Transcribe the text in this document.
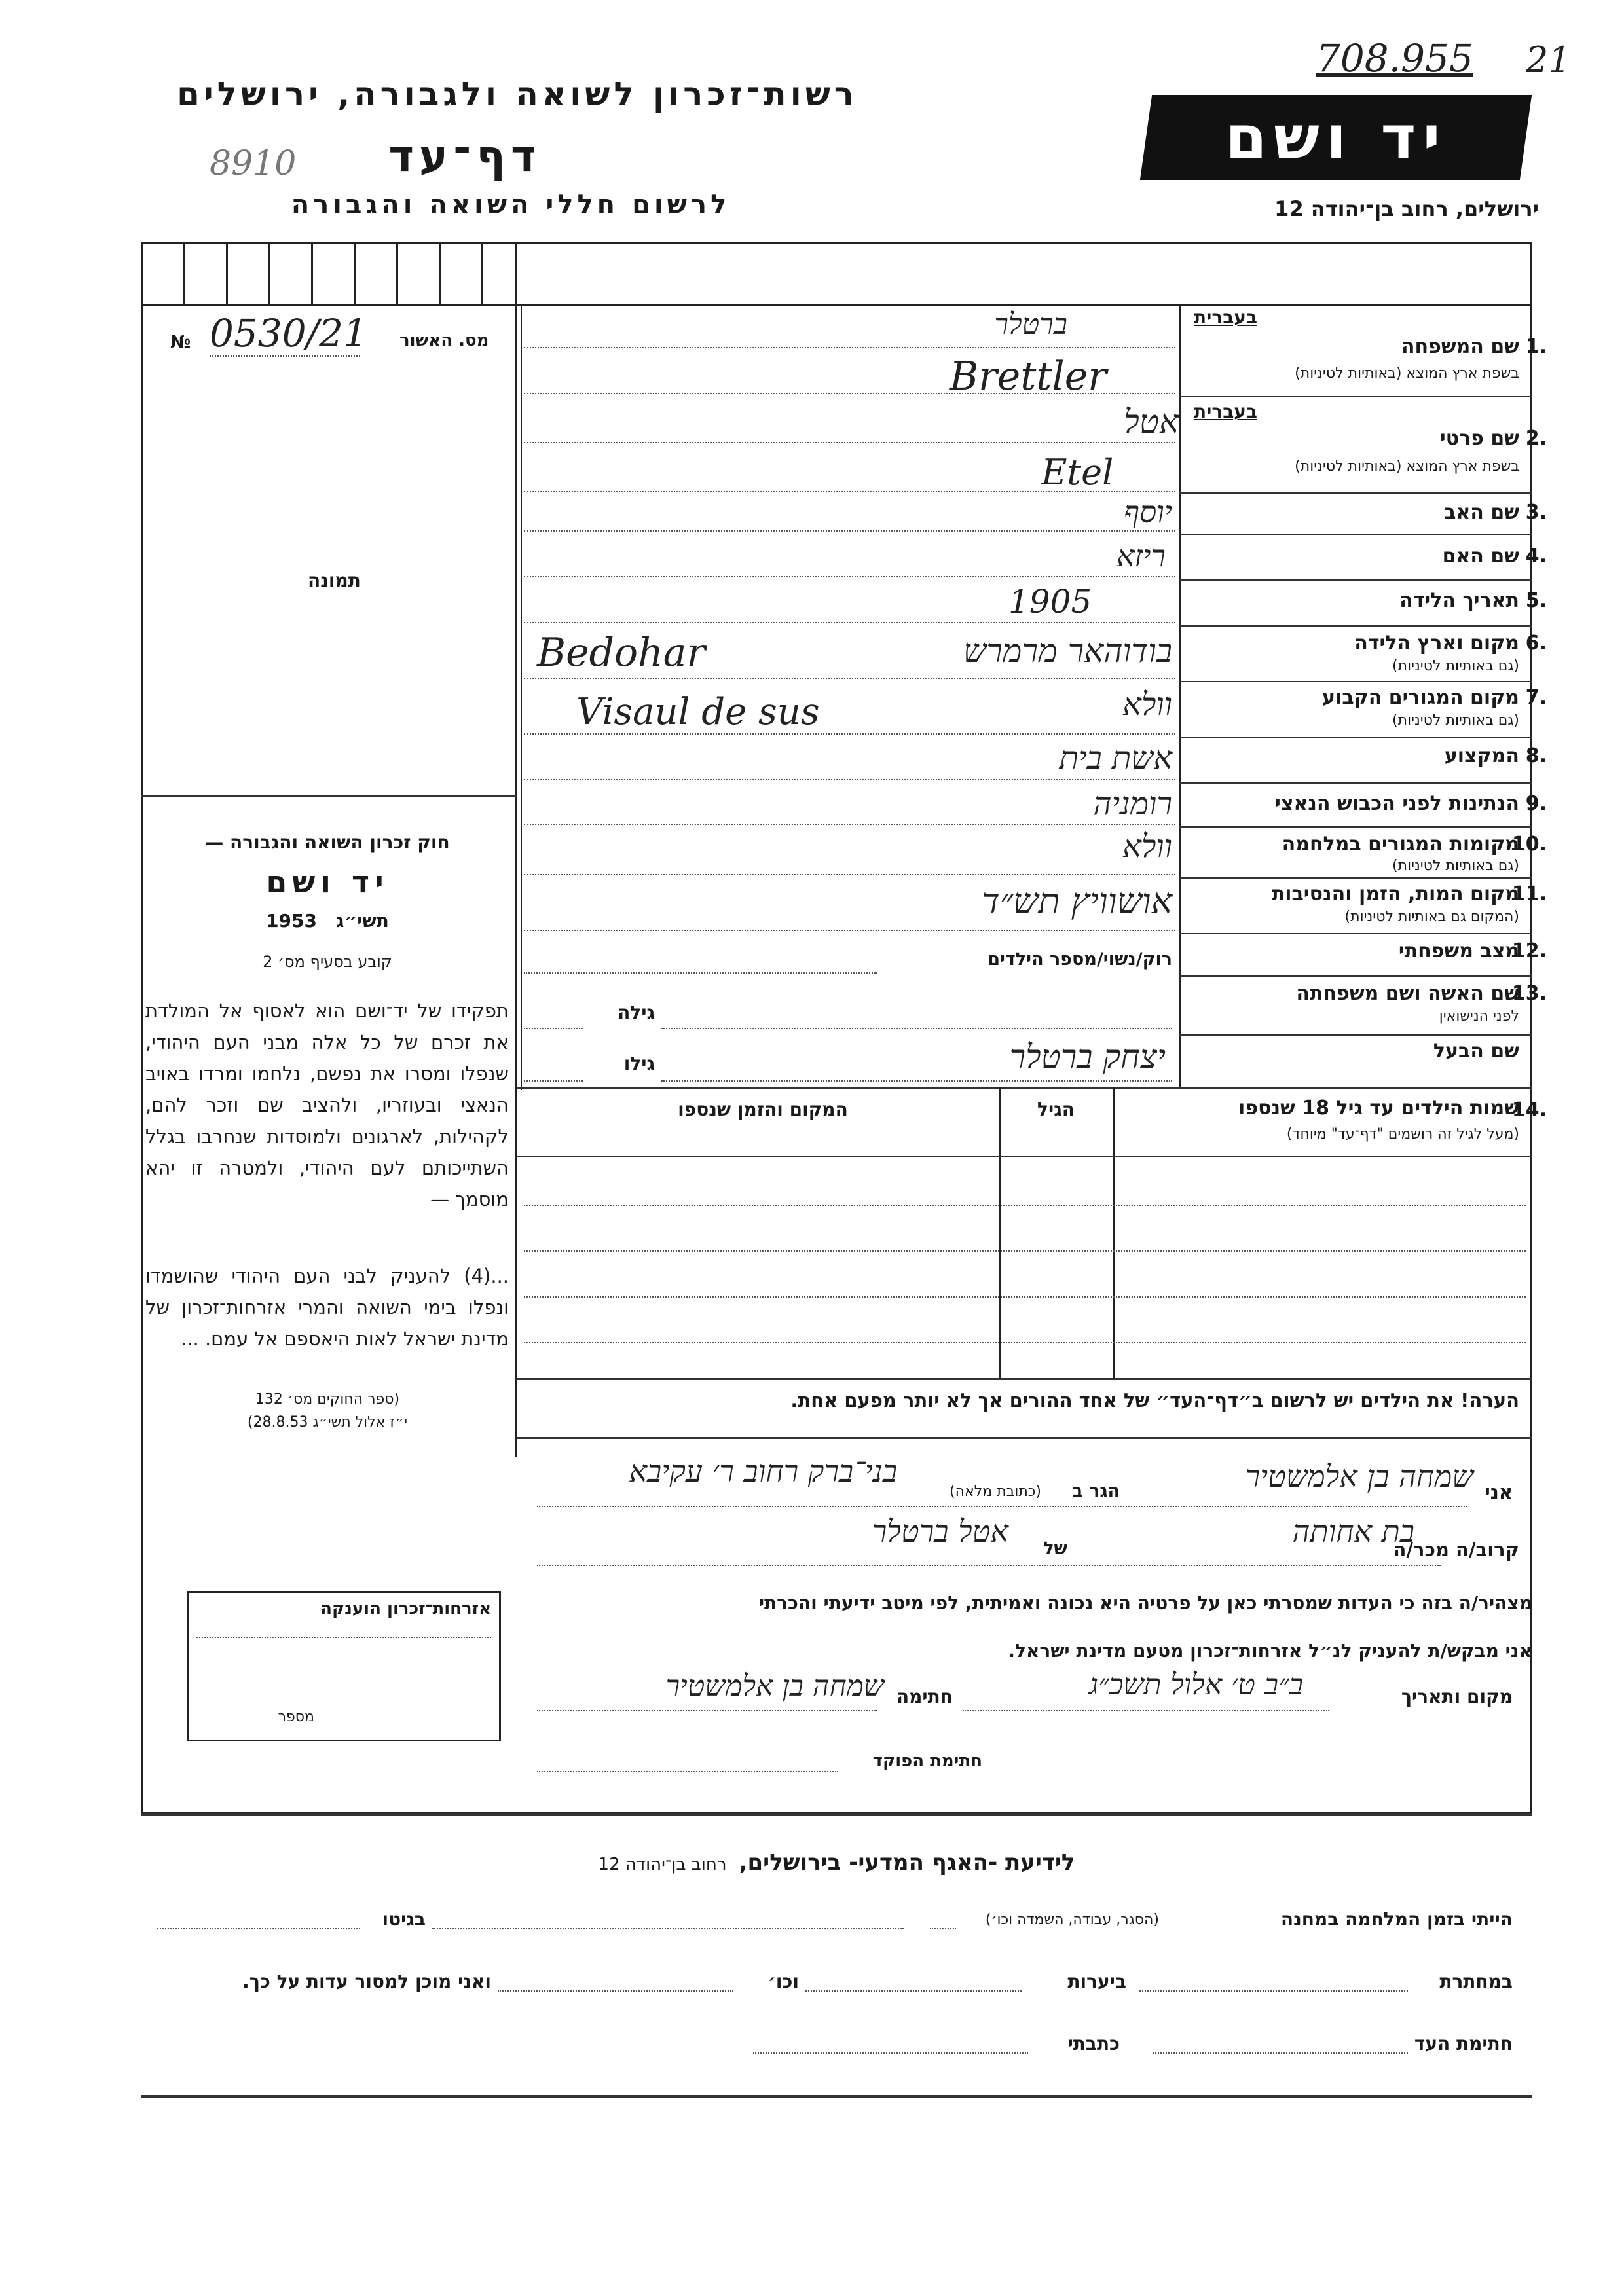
רשות־זכרון לשואה ולגבורה, ירושלים
דף־עד
8910
לרשום חללי השואה והגבורה
708.955 21
יד ושם
ירושלים, רחוב בן־יהודה 12
מס. האשור
№ 0530/21
תמונה
חוק זכרון השואה והגבורה —
יד ושם
1953 תשי״ג
קובע בסעיף מס׳ 2
תפקידו של יד־ושם הוא לאסוף אל המולדת את זכרם של כל אלה מבני העם היהודי, שנפלו ומסרו את נפשם, נלחמו ומרדו באויב הנאצי ובעוזריו, ולהציב שם וזכר להם, לקהילות, לארגונים ולמוסדות שנחרבו בגלל השתייכותם לעם היהודי, ולמטרה זו יהא מוסמך —
...(4) להעניק לבני העם היהודי שהושמדו ונפלו בימי השואה והמרי אזרחות־זכרון של מדינת ישראל לאות היאספם אל עמם. ...
(ספר החוקים מס׳ 132
י״ז אלול תשי״ג 28.8.53)
אזרחות־זכרון הוענקה
מספר
בעברית
1.
שם המשפחה
בשפת ארץ המוצא (באותיות לטיניות)
ברטלר
Brettler
בעברית
2.
שם פרטי
בשפת ארץ המוצא (באותיות לטיניות)
אטל
Etel
3.
שם האב
יוסף
4.
שם האם
ריזא
5.
תאריך הלידה
1905
6.
מקום וארץ הלידה
(גם באותיות לטיניות)
בודוהאר מרמרש
Bedohar
7.
מקום המגורים הקבוע
(גם באותיות לטיניות)
וולא
Visaul de sus
8.
המקצוע
אשת בית
9.
הנתינות לפני הכבוש הנאצי
רומניה
10.
מקומות המגורים במלחמה
(גם באותיות לטיניות)
וולא
11.
מקום המות, הזמן והנסיבות
(המקום גם באותיות לטיניות)
אושוויץ תש״ד
12.
מצב משפחתי
רוק/נשוי/מספר הילדים
13.
שם האשה ושם משפחתה
לפני הנישואין
גילה
שם הבעל
גילו	יצחק ברטלר
14.
שמות הילדים עד גיל 18 שנספו
(מעל לגיל זה רושמים "דף־עד" מיוחד)
הגיל
המקום והזמן שנספו
הערה! את הילדים יש לרשום ב״דף־העד״ של אחד ההורים אך לא יותר מפעם אחת.
אני
שמחה בן אלמשטיר
הגר ב
(כתובת מלאה)
בני־ברק רחוב ר׳ עקיבא
קרוב/ה מכר/ה
בת אחותה
של
אטל ברטלר
מצהיר/ה בזה כי העדות שמסרתי כאן על פרטיה היא נכונה ואמיתית, לפי מיטב ידיעתי והכרתי
אני מבקש/ת להעניק לנ״ל אזרחות־זכרון מטעם מדינת ישראל.
מקום ותאריך
ב״ב ט׳ אלול תשכ״ג
חתימה
שמחה בן אלמשטיר
חתימת הפוקד
לידיעת -האגף המדעי- בירושלים, רחוב בן־יהודה 12
הייתי בזמן המלחמה במחנה
(הסגר, עבודה, השמדה וכו׳)
בגיטו
במחתרת
ביערות
וכו׳
ואני מוכן למסור עדות על כך.
חתימת העד
כתבתי
